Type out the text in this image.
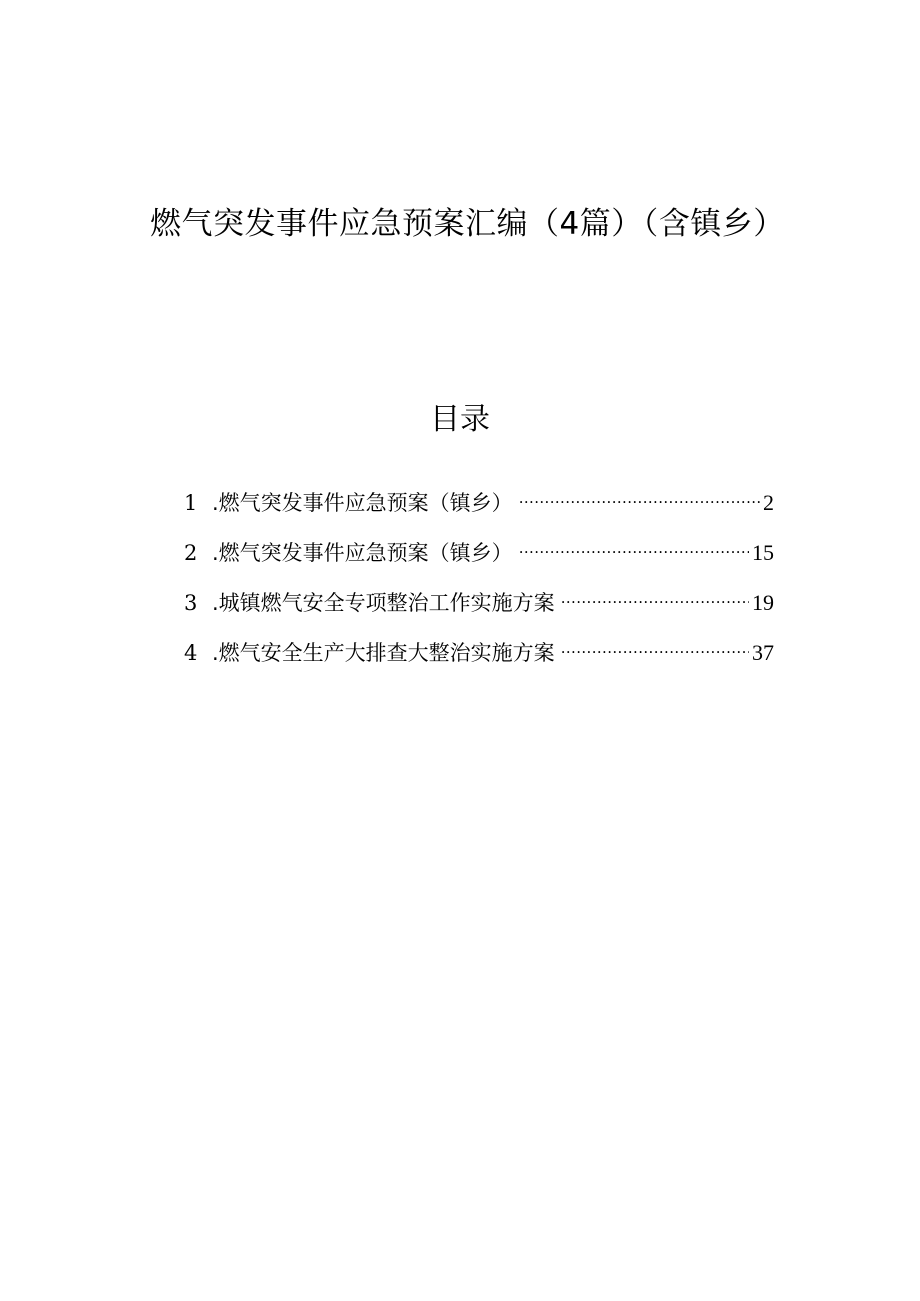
燃气突发事件应急预案汇编（4篇）（含镇乡）
目录
1 .燃气突发事件应急预案（镇乡） .....	2
2 .燃气突发事件应急预案（镇乡） .....	15
3 .城镇燃气安全专项整治工作实施方案 .....	19
4 .燃气安全生产大排查大整治实施方案 .....	37
